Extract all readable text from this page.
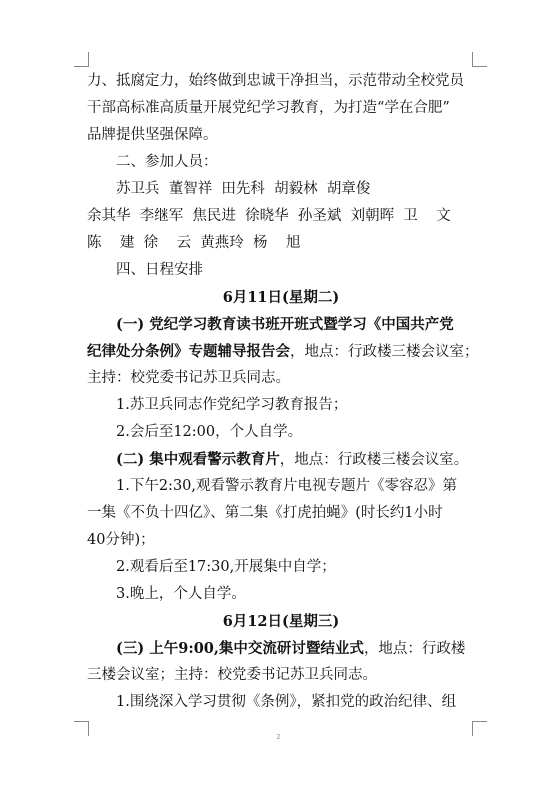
力、抵腐定力，始终做到忠诚干净担当，示范带动全校党员
干部高标准高质量开展党纪学习教育，为打造“学在合肥”
品牌提供坚强保障。
二、参加人员：
苏卫兵  董智祥  田先科  胡毅林  胡章俊
余其华  李继军  焦民进  徐晓华  孙圣斌  刘朝晖  卫    文
陈    建  徐    云  黄燕玲  杨    旭
四、日程安排
6月11日(星期二)
(一) 党纪学习教育读书班开班式暨学习《中国共产党
纪律处分条例》专题辅导报告会，地点：行政楼三楼会议室；
主持：校党委书记苏卫兵同志。
1.苏卫兵同志作党纪学习教育报告；
2.会后至12:00，个人自学。
(二) 集中观看警示教育片，地点：行政楼三楼会议室。
1.下午2:30,观看警示教育片电视专题片《零容忍》第
一集《不负十四亿》、第二集《打虎拍蝇》(时长约1小时
40分钟)；
2.观看后至17:30,开展集中自学；
3.晚上，个人自学。
6月12日(星期三)
(三) 上午9:00,集中交流研讨暨结业式，地点：行政楼
三楼会议室；主持：校党委书记苏卫兵同志。
1.围绕深入学习贯彻《条例》，紧扣党的政治纪律、组
2
